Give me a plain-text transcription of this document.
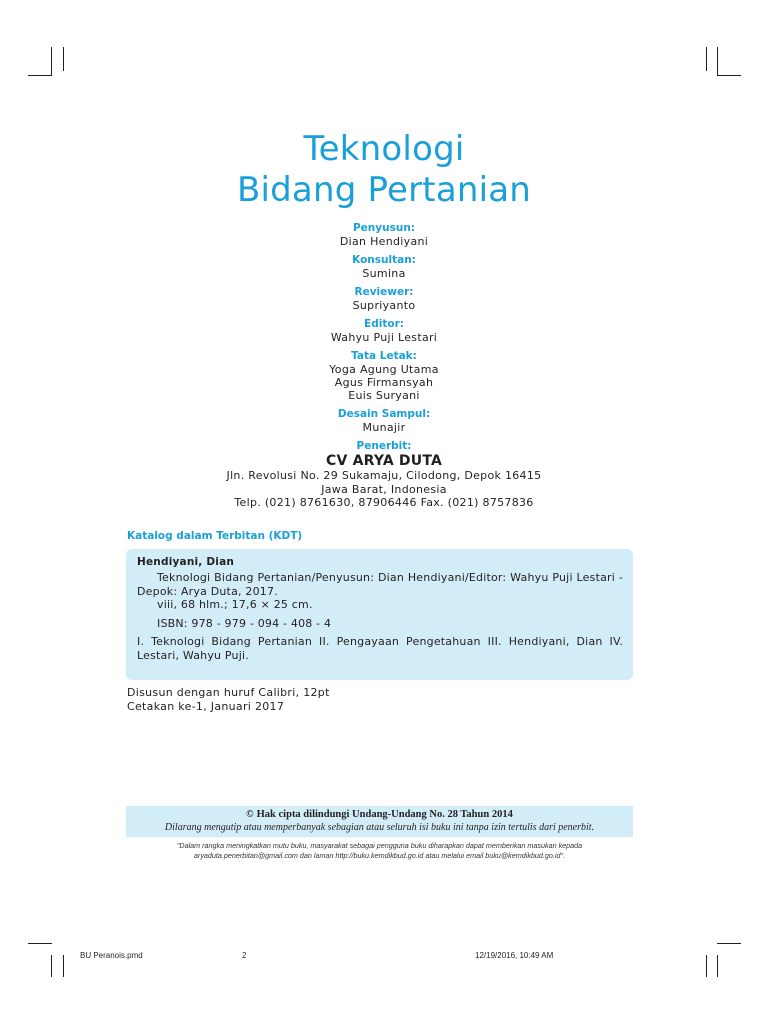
Teknologi
Bidang Pertanian
Penyusun:
Dian Hendiyani
Konsultan:
Sumina
Reviewer:
Supriyanto
Editor:
Wahyu Puji Lestari
Tata Letak:
Yoga Agung Utama
Agus Firmansyah
Euis Suryani
Desain Sampul:
Munajir
Penerbit:
CV ARYA DUTA
Jln. Revolusi No. 29 Sukamaju, Cilodong, Depok 16415
Jawa Barat, Indonesia
Telp. (021) 8761630, 87906446 Fax. (021) 8757836
Katalog dalam Terbitan (KDT)
Hendiyani, Dian
Teknologi Bidang Pertanian/Penyusun: Dian Hendiyani/Editor: Wahyu Puji Lestari - Depok: Arya Duta, 2017.
viii, 68 hlm.; 17,6 × 25 cm.
ISBN: 978 - 979 - 094 - 408 - 4
I. Teknologi Bidang Pertanian II. Pengayaan Pengetahuan III. Hendiyani, Dian IV. Lestari, Wahyu Puji.
Disusun dengan huruf Calibri, 12pt
Cetakan ke-1, Januari 2017
© Hak cipta dilindungi Undang-Undang No. 28 Tahun 2014
Dilarang mengutip atau memperbanyak sebagian atau seluruh isi buku ini tanpa izin tertulis dari penerbit.
"Dalam rangka meningkatkan mutu buku, masyarakat sebagai pengguna buku diharapkan dapat memberikan masukan kepada
aryaduta.penerbitan@gmail.com dan laman http://buku.kemdikbud.go.id atau melalui email buku@kemdikbud.go.id".
BU Peranois.pmd	2	12/19/2016, 10:49 AM
